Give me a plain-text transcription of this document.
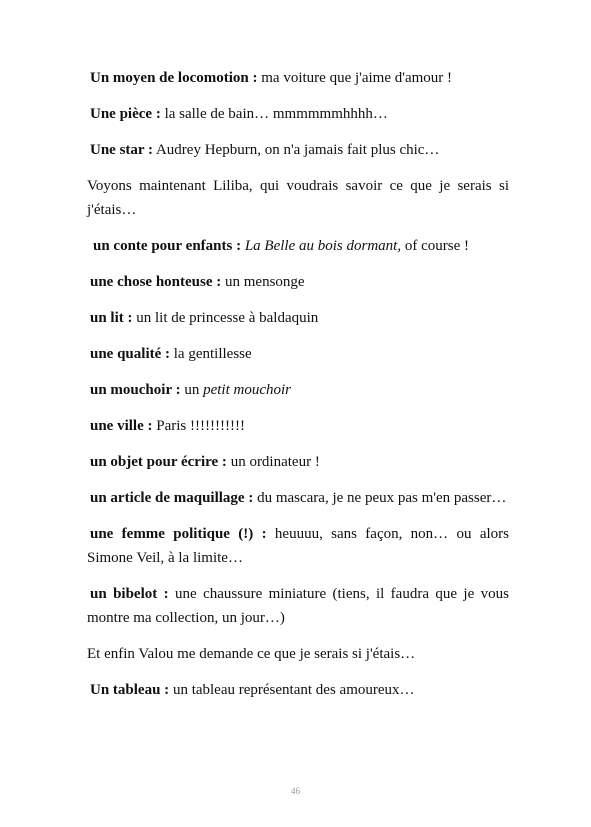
Un moyen de locomotion : ma voiture que j'aime d'amour !

Une pièce : la salle de bain… mmmmmmhhhh…

Une star : Audrey Hepburn, on n'a jamais fait plus chic…

Voyons maintenant Liliba, qui voudrais savoir ce que je serais si j'étais…

un conte pour enfants : La Belle au bois dormant, of course !

une chose honteuse : un mensonge

un lit : un lit de princesse à baldaquin

une qualité : la gentillesse

un mouchoir : un petit mouchoir

une ville : Paris !!!!!!!!!!!

un objet pour écrire : un ordinateur !

un article de maquillage : du mascara, je ne peux pas m'en passer…

une femme politique (!) : heuuuu, sans façon, non… ou alors Simone Veil, à la limite…

un bibelot : une chaussure miniature (tiens, il faudra que je vous montre ma collection, un jour…)

Et enfin Valou me demande ce que je serais si j'étais…

Un tableau : un tableau représentant des amoureux…

46
